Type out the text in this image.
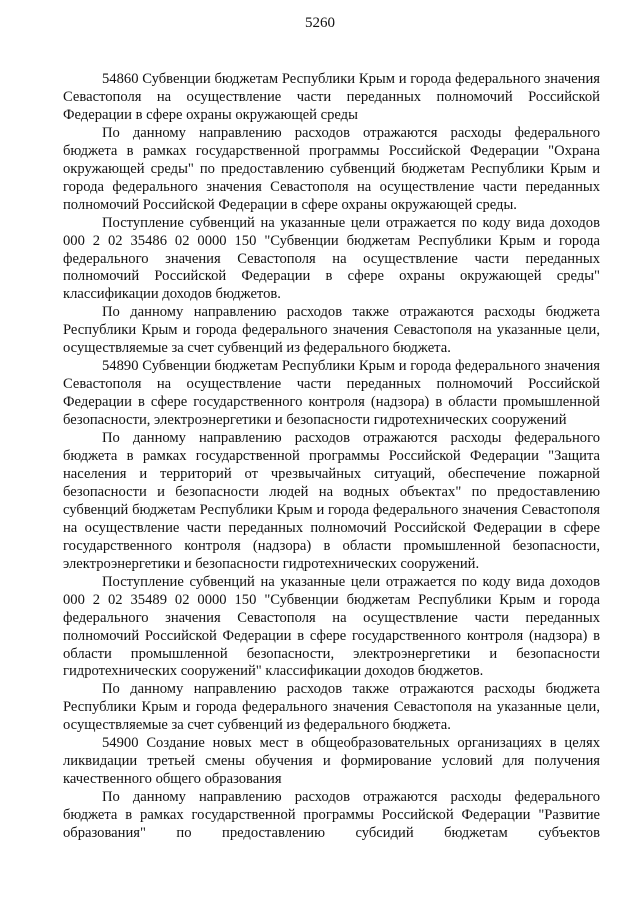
5260

54860 Субвенции бюджетам Республики Крым и города федерального значения Севастополя на осуществление части переданных полномочий Российской Федерации в сфере охраны окружающей среды

По данному направлению расходов отражаются расходы федерального бюджета в рамках государственной программы Российской Федерации "Охрана окружающей среды" по предоставлению субвенций бюджетам Республики Крым и города федерального значения Севастополя на осуществление части переданных полномочий Российской Федерации в сфере охраны окружающей среды.

Поступление субвенций на указанные цели отражается по коду вида доходов 000 2 02 35486 02 0000 150 "Субвенции бюджетам Республики Крым и города федерального значения Севастополя на осуществление части переданных полномочий Российской Федерации в сфере охраны окружающей среды" классификации доходов бюджетов.

По данному направлению расходов также отражаются расходы бюджета Республики Крым и города федерального значения Севастополя на указанные цели, осуществляемые за счет субвенций из федерального бюджета.

54890 Субвенции бюджетам Республики Крым и города федерального значения Севастополя на осуществление части переданных полномочий Российской Федерации в сфере государственного контроля (надзора) в области промышленной безопасности, электроэнергетики и безопасности гидротехнических сооружений

По данному направлению расходов отражаются расходы федерального бюджета в рамках государственной программы Российской Федерации "Защита населения и территорий от чрезвычайных ситуаций, обеспечение пожарной безопасности и безопасности людей на водных объектах" по предоставлению субвенций бюджетам Республики Крым и города федерального значения Севастополя на осуществление части переданных полномочий Российской Федерации в сфере государственного контроля (надзора) в области промышленной безопасности, электроэнергетики и безопасности гидротехнических сооружений.

Поступление субвенций на указанные цели отражается по коду вида доходов 000 2 02 35489 02 0000 150 "Субвенции бюджетам Республики Крым и города федерального значения Севастополя на осуществление части переданных полномочий Российской Федерации в сфере государственного контроля (надзора) в области промышленной безопасности, электроэнергетики и безопасности гидротехнических сооружений" классификации доходов бюджетов.

По данному направлению расходов также отражаются расходы бюджета Республики Крым и города федерального значения Севастополя на указанные цели, осуществляемые за счет субвенций из федерального бюджета.

54900 Создание новых мест в общеобразовательных организациях в целях ликвидации третьей смены обучения и формирование условий для получения качественного общего образования

По данному направлению расходов отражаются расходы федерального бюджета в рамках государственной программы Российской Федерации "Развитие образования" по предоставлению субсидий бюджетам субъектов
